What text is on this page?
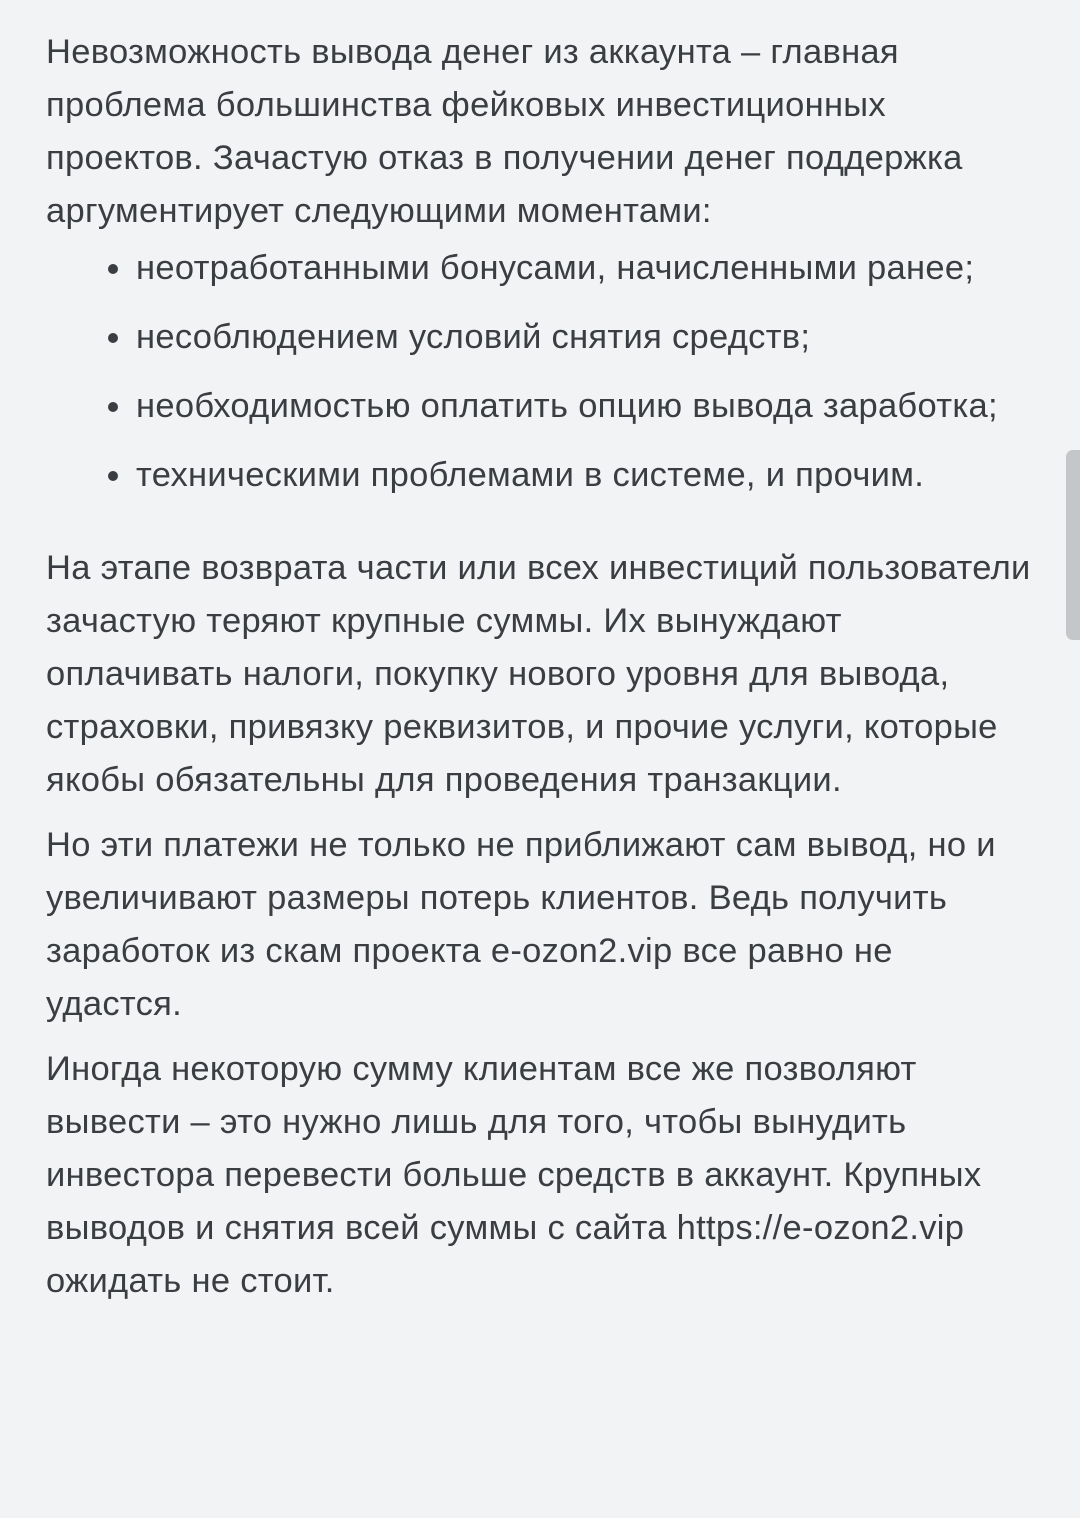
Невозможность вывода денег из аккаунта – главная проблема большинства фейковых инвестиционных проектов. Зачастую отказ в получении денег поддержка аргументирует следующими моментами:

неотработанными бонусами, начисленными ранее;
несоблюдением условий снятия средств;
необходимостью оплатить опцию вывода заработка;
техническими проблемами в системе, и прочим.

На этапе возврата части или всех инвестиций пользователи зачастую теряют крупные суммы. Их вынуждают оплачивать налоги, покупку нового уровня для вывода, страховки, привязку реквизитов, и прочие услуги, которые якобы обязательны для проведения транзакции.

Но эти платежи не только не приближают сам вывод, но и увеличивают размеры потерь клиентов. Ведь получить заработок из скам проекта e-ozon2.vip все равно не удастся.

Иногда некоторую сумму клиентам все же позволяют вывести – это нужно лишь для того, чтобы вынудить инвестора перевести больше средств в аккаунт. Крупных выводов и снятия всей суммы с сайта https://e-ozon2.vip ожидать не стоит.
